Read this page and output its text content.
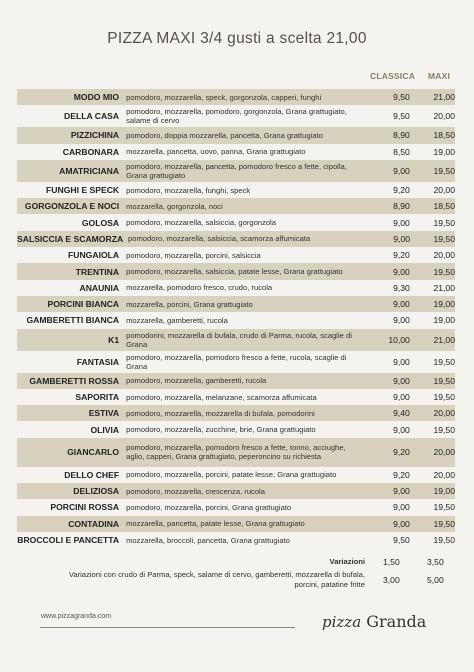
PIZZA MAXI 3/4 gusti a scelta 21,00
CLASSICA MAXI
MODO MIO pomodoro, mozzarella, speck, gorgonzola, capperi, funghi	9,50	21,00
DELLA CASA pomodoro, mozzarella, pomodoro, gorgonzola, Grana grattugiato, salame di cervo	9,50	20,00
PIZZICHINA pomodoro, doppia mozzarella, pancetta, Grana grattugiato	8,90	18,50
CARBONARA mozzarella, pancetta, uovo, panna, Grana grattugiato	8,50	19,00
AMATRICIANA pomodoro, mozzarella, pancetta, pomodoro fresco a fette, cipolla, Grana grattugiato	9,00	19,50
FUNGHI E SPECK pomodoro, mozzarella, funghi, speck	9,20	20,00
GORGONZOLA E NOCI mozzarella, gorgonzola, noci	8,90	18,50
GOLOSA pomodoro, mozzarella, salsiccia, gorgonzola	9,00	19,50
SALSICCIA E SCAMORZA pomodoro, mozzarella, salsiccia, scamorza affumicata	9,00	19,50
FUNGAIOLA pomodoro, mozzarella, porcini, salsiccia	9,20	20,00
TRENTINA pomodoro, mozzarella, salsiccia, patate lesse, Grana grattugiato	9,00	19,50
ANAUNIA mozzarella, pomodoro fresco, crudo, rucola	9,30	21,00
PORCINI BIANCA mozzarella, porcini, Grana grattugiato	9,00	19,00
GAMBERETTI BIANCA mozzarella, gamberetti, rucola	9,00	19,00
K1 pomodorini, mozzarella di bufala, crudo di Parma, rucola, scaglie di Grana	10,00	21,00
FANTASIA pomodoro, mozzarella, pomodoro fresco a fette, rucola, scaglie di Grana	9,00	19,50
GAMBERETTI ROSSA pomodoro, mozzarella, gamberetti, rucola	9,00	19,50
SAPORITA pomodoro, mozzarella, melanzane, scamorza affumicata	9,00	19,50
ESTIVA pomodoro, mozzarella, mozzarella di bufala, pomodorini	9,40	20,00
OLIVIA pomodoro, mozzarella, zucchine, brie, Grana grattugiato	9,00	19,50
GIANCARLO pomodoro, mozzarella, pomodoro fresco a fette, tonno, acciughe, aglio, capperi, Grana grattugiato, peperoncino su richiesta	9,20	20,00
DELLO CHEF pomodoro, mozzarella, porcini, patate lesse, Grana grattugiato	9,20	20,00
DELIZIOSA pomodoro, mozzarella, crescenza, rucola	9,00	19,00
PORCINI ROSSA pomodoro, mozzarella, porcini, Grana grattugiato	9,00	19,50
CONTADINA mozzarella, pancetta, patate lesse, Grana grattugiato	9,00	19,50
BROCCOLI E PANCETTA mozzarella, broccoli, pancetta, Grana grattugiato	9,50	19,50
Variazioni 1,50	3,50
Variazioni con crudo di Parma, speck, salame di cervo, gamberetti, mozzarella di bufala, porcini, patatine fritte 3,00	5,00
www.pizzagranda.com	pizza Granda
